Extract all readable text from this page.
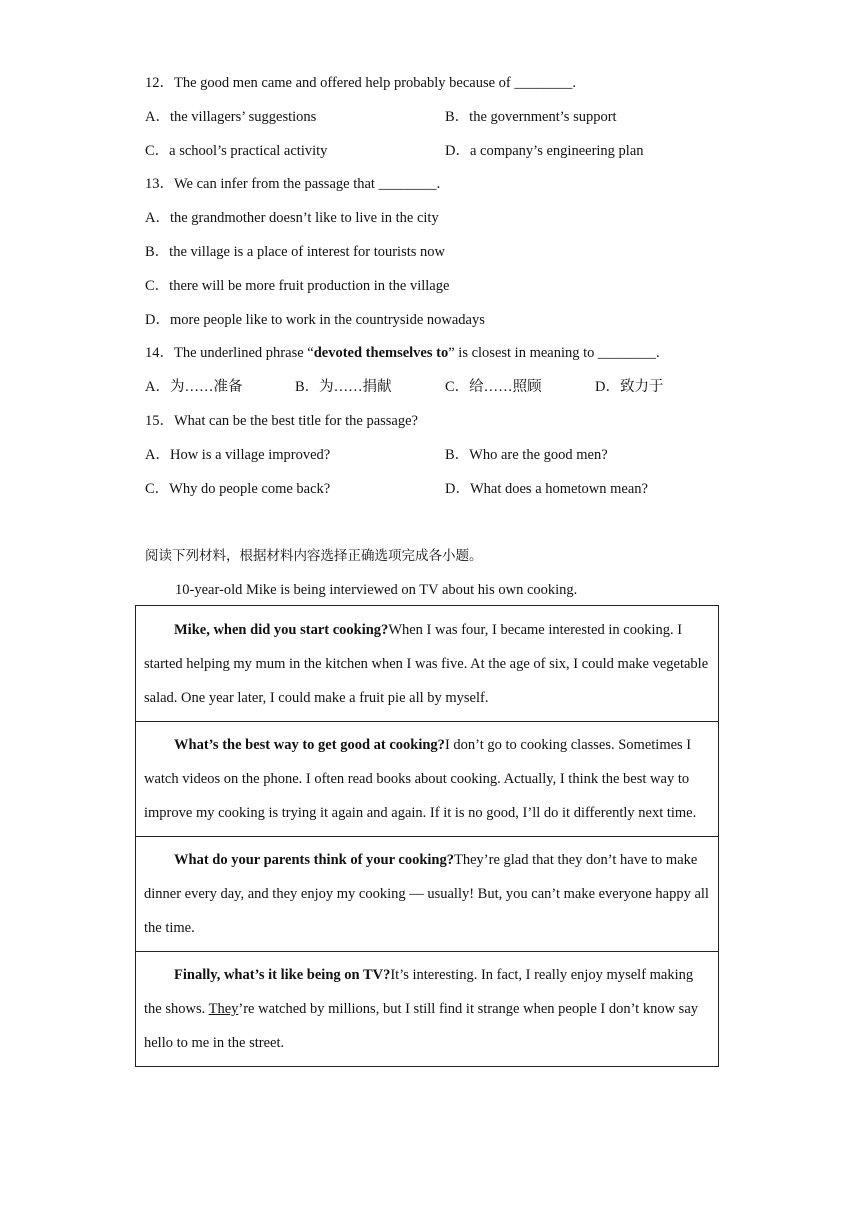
12．The good men came and offered help probably because of ________.
A．the villagers’ suggestions	B．the government’s support
C．a school’s practical activity	D．a company’s engineering plan
13．We can infer from the passage that ________.
A．the grandmother doesn’t like to live in the city
B．the village is a place of interest for tourists now
C．there will be more fruit production in the village
D．more people like to work in the countryside nowadays
14．The underlined phrase “devoted themselves to” is closest in meaning to ________.
A．为……准备	B．为……捐献	C．给……照顾	D．致力于
15．What can be the best title for the passage?
A．How is a village improved?	B．Who are the good men?
C．Why do people come back?	D．What does a hometown mean?
阅读下列材料，根据材料内容选择正确选项完成各小题。
10-year-old Mike is being interviewed on TV about his own cooking.
Mike, when did you start cooking?When I was four, I became interested in cooking. I started helping my mum in the kitchen when I was five. At the age of six, I could make vegetable salad. One year later, I could make a fruit pie all by myself.
What’s the best way to get good at cooking?I don’t go to cooking classes. Sometimes I watch videos on the phone. I often read books about cooking. Actually, I think the best way to improve my cooking is trying it again and again. If it is no good, I’ll do it differently next time.
What do your parents think of your cooking?They’re glad that they don’t have to make dinner every day, and they enjoy my cooking — usually! But, you can’t make everyone happy all the time.
Finally, what’s it like being on TV?It’s interesting. In fact, I really enjoy myself making the shows. They’re watched by millions, but I still find it strange when people I don’t know say hello to me in the street.
